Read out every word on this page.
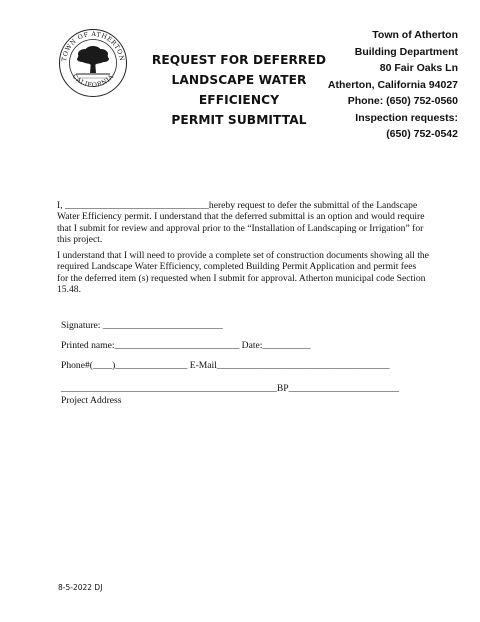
TOWN OF ATHERTON
CALIFORNIA
REQUEST FOR DEFERRED
LANDSCAPE WATER EFFICIENCY
PERMIT SUBMITTAL
Town of Atherton
Building Department
80 Fair Oaks Ln
Atherton, California 94027
Phone: (650) 752-0560
Inspection requests:
(650) 752-0542

I, ______________________________hereby request to defer the submittal of the Landscape Water Efficiency permit. I understand that the deferred submittal is an option and would require that I submit for review and approval prior to the “Installation of Landscaping or Irrigation” for this project.

I understand that I will need to provide a complete set of construction documents showing all the required Landscape Water Efficiency, completed Building Permit Application and permit fees for the deferred item (s) requested when I submit for approval. Atherton municipal code Section 15.48.

Signature: _________________________
Printed name:__________________________ Date:__________
Phone#(____)_______________ E-Mail____________________________________
_____________________________________________BP_______________________
Project Address
8-5-2022 DJ
